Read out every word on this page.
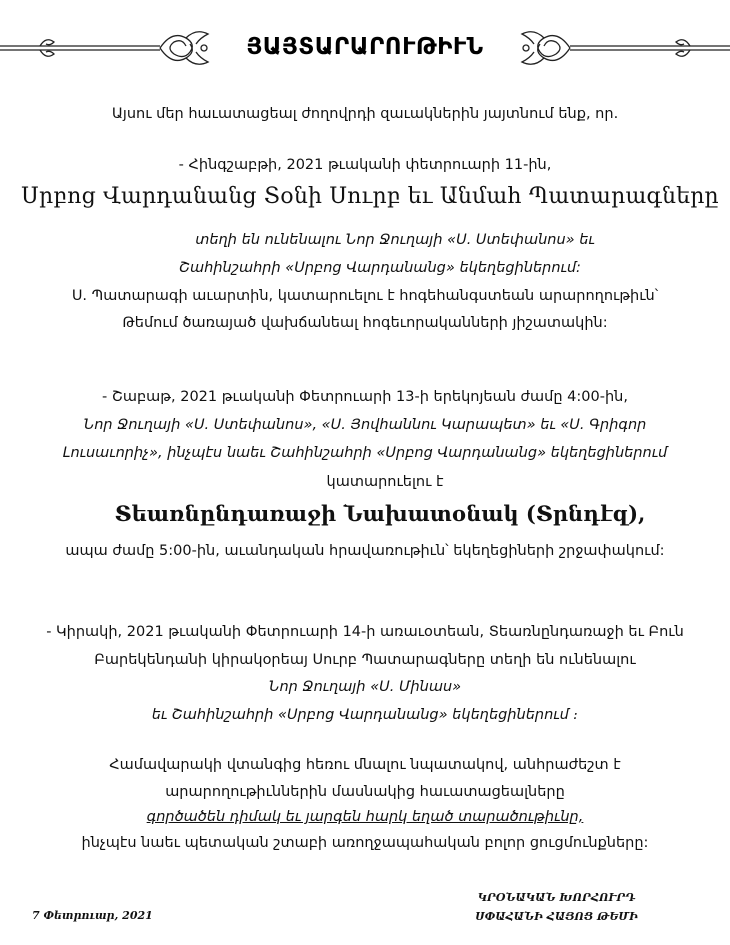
ՅԱՅՏԱՐԱՐՈՒԹԻՒՆ
Այսու մեր հաւատացեալ ժողովրդի զաւակներին յայտնում ենք, որ.
- Հինգշաբթի, 2021 թւականի փետրուարի 11-ին,
Սրբոց Վարդանանց Տօնի Սուրբ եւ Անմահ Պատարագները
տեղի են ունենալու Նոր Ջուղայի «Ս. Ստեփանոս» եւ
Շահինշահրի «Սրբոց Վարդանանց» եկեղեցիներում:
Ս. Պատարագի աւարտին, կատարուելու է հոգեհանգստեան արարողութիւն՝
Թեմում ծառայած վախճանեալ հոգեւորականների յիշատակին:
- Շաբաթ, 2021 թւականի Փետրուարի 13-ի երեկոյեան ժամը 4:00-ին,
Նոր Ջուղայի «Ս. Ստեփանոս», «Ս. Յովհաննու Կարապետ» եւ «Ս. Գրիգոր
Լուսաւորիչ», ինչպէս նաեւ Շահինշահրի «Սրբոց Վարդանանց» եկեղեցիներում
կատարուելու է
Տեառնընդառաջի Նախատօնակ (Տրնդէզ),
ապա ժամը 5:00-ին, աւանդական հրավառութիւն՝ եկեղեցիների շրջափակում:
- Կիրակի, 2021 թւականի Փետրուարի 14-ի առաւօտեան, Տեառնընդառաջի եւ Բուն
Բարեկենդանի կիրակօրեայ Սուրբ Պատարագները տեղի են ունենալու
Նոր Ջուղայի «Ս. Մինաս»
եւ Շահինշահրի «Սրբոց Վարդանանց» եկեղեցիներում ։
Համավարակի վտանգից հեռու մնալու նպատակով, անհրաժեշտ է
արարողութիւններին մասնակից հաւատացեալները
գործածեն դիմակ եւ յարգեն հարկ եղած տարածութիւնը,
ինչպէս նաեւ պետական շտաբի առողջապահական բոլոր ցուցմունքները:
7 Փետրուար, 2021
ԿՐՕՆԱԿԱՆ ԽՈՐՀՈՒՐԴ
ՍՓԱՀԱՆԻ ՀԱՅՈՑ ԹԵՄԻ
